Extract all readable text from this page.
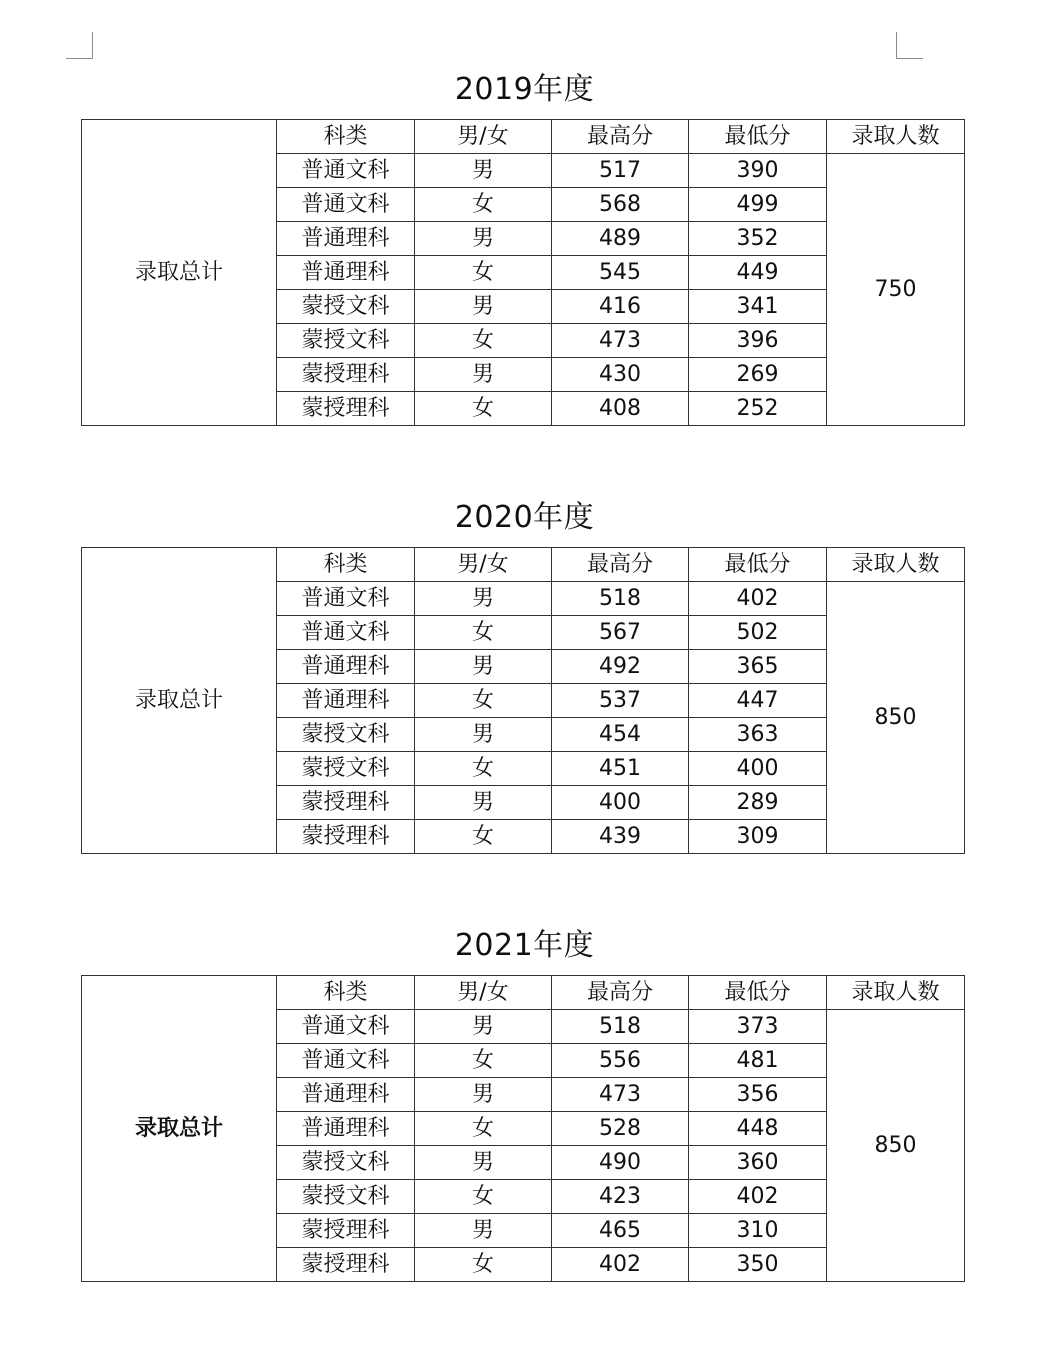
2019年度
录取总计	科类	男/女	最高分	最低分	录取人数
	普通文科	男	517	390	750
	普通文科	女	568	499	
	普通理科	男	489	352	
	普通理科	女	545	449	
	蒙授文科	男	416	341	
	蒙授文科	女	473	396	
	蒙授理科	男	430	269	
	蒙授理科	女	408	252	
2020年度
录取总计	科类	男/女	最高分	最低分	录取人数
	普通文科	男	518	402	850
	普通文科	女	567	502	
	普通理科	男	492	365	
	普通理科	女	537	447	
	蒙授文科	男	454	363	
	蒙授文科	女	451	400	
	蒙授理科	男	400	289	
	蒙授理科	女	439	309	
2021年度
录取总计	科类	男/女	最高分	最低分	录取人数
	普通文科	男	518	373	850
	普通文科	女	556	481	
	普通理科	男	473	356	
	普通理科	女	528	448	
	蒙授文科	男	490	360	
	蒙授文科	女	423	402	
	蒙授理科	男	465	310	
	蒙授理科	女	402	350	
